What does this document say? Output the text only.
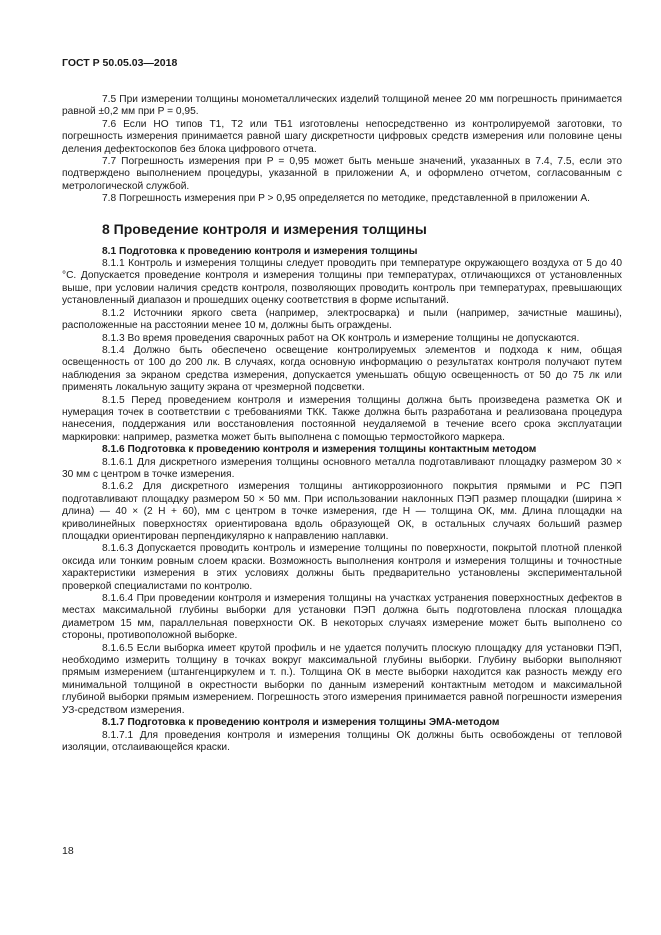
ГОСТ Р 50.05.03—2018

7.5 При измерении толщины монометаллических изделий толщиной менее 20 мм погрешность принимается равной ±0,2 мм при P = 0,95.

7.6 Если НО типов Т1, Т2 или ТБ1 изготовлены непосредственно из контролируемой заготовки, то погрешность измерения принимается равной шагу дискретности цифровых средств измерения или половине цены деления дефектоскопов без блока цифрового отчета.

7.7 Погрешность измерения при P = 0,95 может быть меньше значений, указанных в 7.4, 7.5, если это подтверждено выполнением процедуры, указанной в приложении А, и оформлено отчетом, согласованным с метрологической службой.

7.8 Погрешность измерения при P > 0,95 определяется по методике, представленной в приложении А.

8 Проведение контроля и измерения толщины

8.1 Подготовка к проведению контроля и измерения толщины

8.1.1 Контроль и измерения толщины следует проводить при температуре окружающего воздуха от 5 до 40 °С. Допускается проведение контроля и измерения толщины при температурах, отличающихся от установленных выше, при условии наличия средств контроля, позволяющих проводить контроль при температурах, превышающих установленный диапазон и прошедших оценку соответствия в форме испытаний.

8.1.2 Источники яркого света (например, электросварка) и пыли (например, зачистные машины), расположенные на расстоянии менее 10 м, должны быть ограждены.

8.1.3 Во время проведения сварочных работ на ОК контроль и измерение толщины не допускаются.

8.1.4 Должно быть обеспечено освещение контролируемых элементов и подхода к ним, общая освещенность от 100 до 200 лк. В случаях, когда основную информацию о результатах контроля получают путем наблюдения за экраном средства измерения, допускается уменьшать общую освещенность от 50 до 75 лк или применять локальную защиту экрана от чрезмерной подсветки.

8.1.5 Перед проведением контроля и измерения толщины должна быть произведена разметка ОК и нумерация точек в соответствии с требованиями ТКК. Также должна быть разработана и реализована процедура нанесения, поддержания или восстановления постоянной неудаляемой в течение всего срока эксплуатации маркировки: например, разметка может быть выполнена с помощью термостойкого маркера.

8.1.6 Подготовка к проведению контроля и измерения толщины контактным методом

8.1.6.1 Для дискретного измерения толщины основного металла подготавливают площадку размером 30 × 30 мм с центром в точке измерения.

8.1.6.2 Для дискретного измерения толщины антикоррозионного покрытия прямыми и РС ПЭП подготавливают площадку размером 50 × 50 мм. При использовании наклонных ПЭП размер площадки (ширина × длина) — 40 × (2 H + 60), мм с центром в точке измерения, где H — толщина ОК, мм. Длина площадки на криволинейных поверхностях ориентирована вдоль образующей ОК, в остальных случаях больший размер площадки ориентирован перпендикулярно к направлению наплавки.

8.1.6.3 Допускается проводить контроль и измерение толщины по поверхности, покрытой плотной пленкой оксида или тонким ровным слоем краски. Возможность выполнения контроля и измерения толщины и точностные характеристики измерения в этих условиях должны быть предварительно установлены экспериментальной проверкой специалистами по контролю.

8.1.6.4 При проведении контроля и измерения толщины на участках устранения поверхностных дефектов в местах максимальной глубины выборки для установки ПЭП должна быть подготовлена плоская площадка диаметром 15 мм, параллельная поверхности ОК. В некоторых случаях измерение может быть выполнено со стороны, противоположной выборке.

8.1.6.5 Если выборка имеет крутой профиль и не удается получить плоскую площадку для установки ПЭП, необходимо измерить толщину в точках вокруг максимальной глубины выборки. Глубину выборки выполняют прямым измерением (штангенциркулем и т. п.). Толщина ОК в месте выборки находится как разность между его минимальной толщиной в окрестности выборки по данным измерений контактным методом и максимальной глубиной выборки прямым измерением. Погрешность этого измерения принимается равной погрешности измерения УЗ-средством измерения.

8.1.7 Подготовка к проведению контроля и измерения толщины ЭМА-методом

8.1.7.1 Для проведения контроля и измерения толщины ОК должны быть освобождены от тепловой изоляции, отслаивающейся краски.

18
